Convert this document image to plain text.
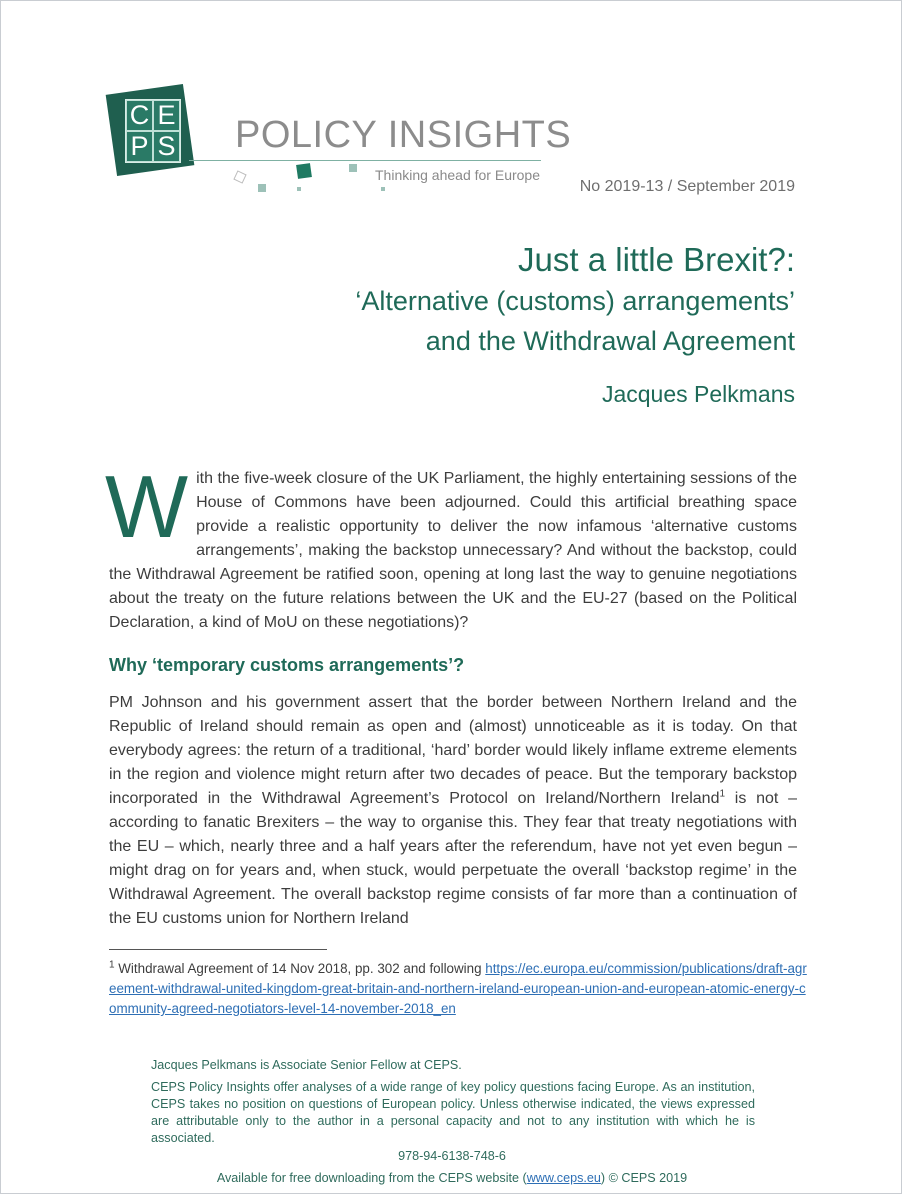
C E
P S POLICY INSIGHTS
Thinking ahead for Europe
No 2019-13 / September 2019
Just a little Brexit?:
‘Alternative (customs) arrangements’
and the Withdrawal Agreement
Jacques Pelkmans
W ith the five-week closure of the UK Parliament, the highly entertaining sessions of the House of Commons have been adjourned. Could this artificial breathing space provide a realistic opportunity to deliver the now infamous ‘alternative customs arrangements’, making the backstop unnecessary? And without the backstop, could the Withdrawal Agreement be ratified soon, opening at long last the way to genuine negotiations about the treaty on the future relations between the UK and the EU-27 (based on the Political Declaration, a kind of MoU on these negotiations)?
Why ‘temporary customs arrangements’?
PM Johnson and his government assert that the border between Northern Ireland and the Republic of Ireland should remain as open and (almost) unnoticeable as it is today. On that everybody agrees: the return of a traditional, ‘hard’ border would likely inflame extreme elements in the region and violence might return after two decades of peace. But the temporary backstop incorporated in the Withdrawal Agreement’s Protocol on Ireland/Northern Ireland$^1$ is not – according to fanatic Brexiters – the way to organise this. They fear that treaty negotiations with the EU – which, nearly three and a half years after the referendum, have not yet even begun – might drag on for years and, when stuck, would perpetuate the overall ‘backstop regime’ in the Withdrawal Agreement. The overall backstop regime consists of far more than a continuation of the EU customs union for Northern Ireland
$^1$ Withdrawal Agreement of 14 Nov 2018, pp. 302 and following https://ec.europa.eu/commission/publications/draft-agreement-withdrawal-united-kingdom-great-britain-and-northern-ireland-european-union-and-european-atomic-energy-community-agreed-negotiators-level-14-november-2018_en
Jacques Pelkmans is Associate Senior Fellow at CEPS.
CEPS Policy Insights offer analyses of a wide range of key policy questions facing Europe. As an institution, CEPS takes no position on questions of European policy. Unless otherwise indicated, the views expressed are attributable only to the author in a personal capacity and not to any institution with which he is associated.
978-94-6138-748-6
Available for free downloading from the CEPS website (www.ceps.eu) © CEPS 2019
